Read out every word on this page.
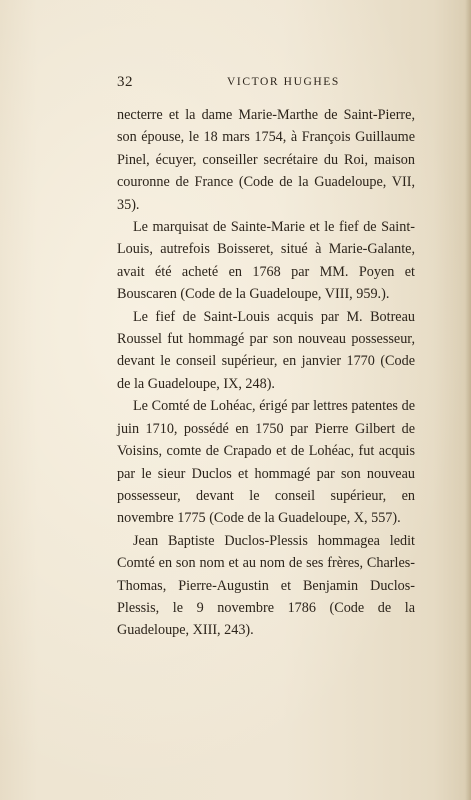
32	VICTOR HUGHES

necterre et la dame Marie-Marthe de Saint-Pierre, son épouse, le 18 mars 1754, à François Guillaume Pinel, écuyer, conseiller secrétaire du Roi, maison couronne de France (Code de la Guadeloupe, VII, 35).

Le marquisat de Sainte-Marie et le fief de Saint-Louis, autrefois Boisseret, situé à Marie-Galante, avait été acheté en 1768 par MM. Poyen et Bouscaren (Code de la Guadeloupe, VIII, 959.).

Le fief de Saint-Louis acquis par M. Botreau Roussel fut hommagé par son nouveau possesseur, devant le conseil supérieur, en janvier 1770 (Code de la Guadeloupe, IX, 248).

Le Comté de Lohéac, érigé par lettres patentes de juin 1710, possédé en 1750 par Pierre Gilbert de Voisins, comte de Crapado et de Lohéac, fut acquis par le sieur Duclos et hommagé par son nouveau possesseur, devant le conseil supérieur, en novembre 1775 (Code de la Guadeloupe, X, 557).

Jean Baptiste Duclos-Plessis hommagea ledit Comté en son nom et au nom de ses frères, Charles-Thomas, Pierre-Augustin et Benjamin Duclos-Plessis, le 9 novembre 1786 (Code de la Guadeloupe, XIII, 243).
